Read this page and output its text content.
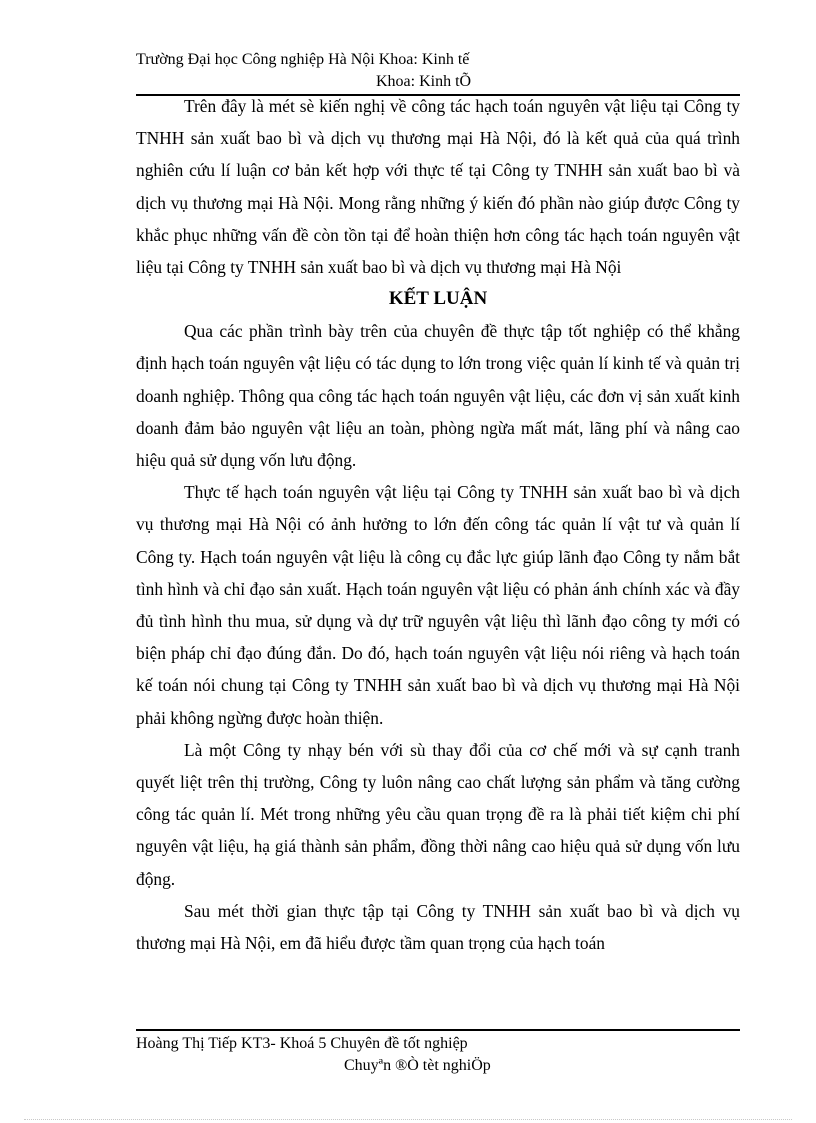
Trường Đại học Công nghiệp Hà Nội Khoa: Kinh tế
Khoa: Kinh tÕ

Trên đây là mét sè kiến nghị về công tác hạch toán nguyên vật liệu tại Công ty TNHH sản xuất bao bì và dịch vụ thương mại Hà Nội, đó là kết quả của quá trình nghiên cứu lí luận cơ bản kết hợp với thực tế tại Công ty TNHH sản xuất bao bì và dịch vụ thương mại Hà Nội. Mong rằng những ý kiến đó phần nào giúp được Công ty khắc phục những vấn đề còn tồn tại để hoàn thiện hơn công tác hạch toán nguyên vật liệu tại Công ty TNHH sản xuất bao bì và dịch vụ thương mại Hà Nội

KẾT LUẬN

Qua các phần trình bày trên của chuyên đề thực tập tốt nghiệp có thể khẳng định hạch toán nguyên vật liệu có tác dụng to lớn trong việc quản lí kinh tế và quản trị doanh nghiệp. Thông qua công tác hạch toán nguyên vật liệu, các đơn vị sản xuất kinh doanh đảm bảo nguyên vật liệu an toàn, phòng ngừa mất mát, lãng phí và nâng cao hiệu quả sử dụng vốn lưu động.

Thực tế hạch toán nguyên vật liệu tại Công ty TNHH sản xuất bao bì và dịch vụ thương mại Hà Nội có ảnh hưởng to lớn đến công tác quản lí vật tư và quản lí Công ty. Hạch toán nguyên vật liệu là công cụ đắc lực giúp lãnh đạo Công ty nắm bắt tình hình và chỉ đạo sản xuất. Hạch toán nguyên vật liệu có phản ánh chính xác và đầy đủ tình hình thu mua, sử dụng và dự trữ nguyên vật liệu thì lãnh đạo công ty mới có biện pháp chỉ đạo đúng đắn. Do đó, hạch toán nguyên vật liệu nói riêng và hạch toán kế toán nói chung tại Công ty TNHH sản xuất bao bì và dịch vụ thương mại Hà Nội phải không ngừng được hoàn thiện.

Là một Công ty nhạy bén với sù thay đổi của cơ chế mới và sự cạnh tranh quyết liệt trên thị trường, Công ty luôn nâng cao chất lượng sản phẩm và tăng cường công tác quản lí. Mét trong những yêu cầu quan trọng đề ra là phải tiết kiệm chi phí nguyên vật liệu, hạ giá thành sản phẩm, đồng thời nâng cao hiệu quả sử dụng vốn lưu động.

Sau mét thời gian thực tập tại Công ty TNHH sản xuất bao bì và dịch vụ thương mại Hà Nội, em đã hiểu được tầm quan trọng của hạch toán

Hoàng Thị Tiếp KT3- Khoá 5 Chuyên đề tốt nghiệp
Chuyªn ®Ò tèt nghiÖp
